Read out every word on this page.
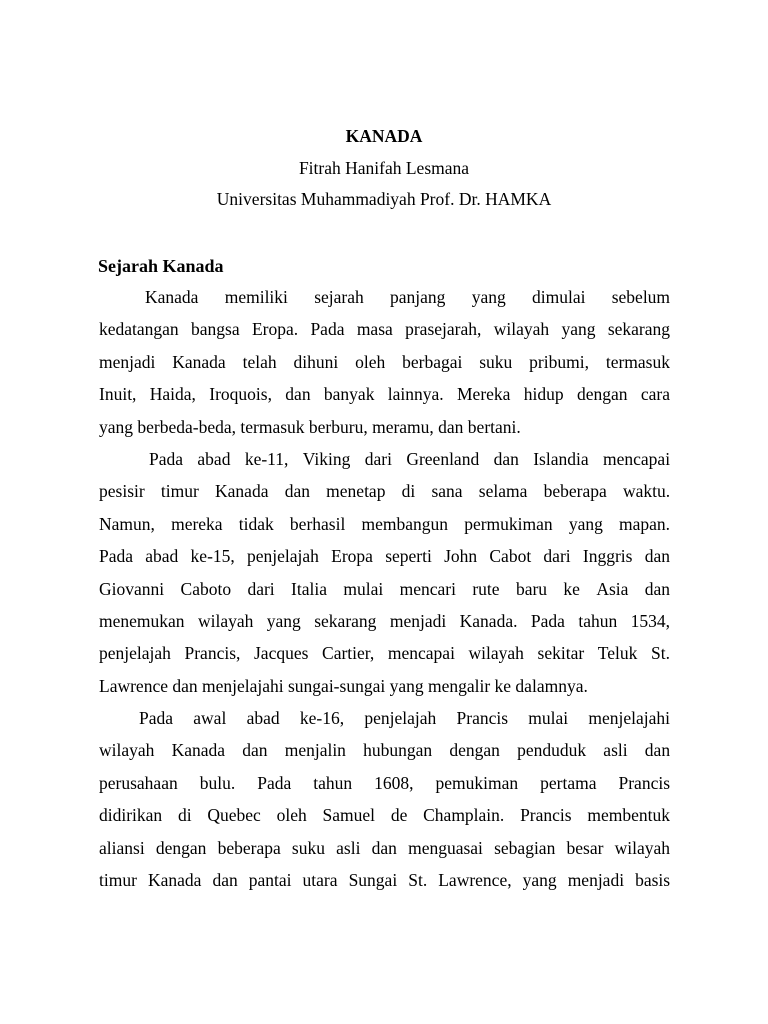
KANADA
Fitrah Hanifah Lesmana
Universitas Muhammadiyah Prof. Dr. HAMKA
Sejarah Kanada
Kanada memiliki sejarah panjang yang dimulai sebelum
kedatangan bangsa Eropa. Pada masa prasejarah, wilayah yang sekarang
menjadi Kanada telah dihuni oleh berbagai suku pribumi, termasuk
Inuit, Haida, Iroquois, dan banyak lainnya. Mereka hidup dengan cara
yang berbeda-beda, termasuk berburu, meramu, dan bertani.
Pada abad ke-11, Viking dari Greenland dan Islandia mencapai
pesisir timur Kanada dan menetap di sana selama beberapa waktu.
Namun, mereka tidak berhasil membangun permukiman yang mapan.
Pada abad ke-15, penjelajah Eropa seperti John Cabot dari Inggris dan
Giovanni Caboto dari Italia mulai mencari rute baru ke Asia dan
menemukan wilayah yang sekarang menjadi Kanada. Pada tahun 1534,
penjelajah Prancis, Jacques Cartier, mencapai wilayah sekitar Teluk St.
Lawrence dan menjelajahi sungai-sungai yang mengalir ke dalamnya.
Pada awal abad ke-16, penjelajah Prancis mulai menjelajahi
wilayah Kanada dan menjalin hubungan dengan penduduk asli dan
perusahaan bulu. Pada tahun 1608, pemukiman pertama Prancis
didirikan di Quebec oleh Samuel de Champlain. Prancis membentuk
aliansi dengan beberapa suku asli dan menguasai sebagian besar wilayah
timur Kanada dan pantai utara Sungai St. Lawrence, yang menjadi basis
